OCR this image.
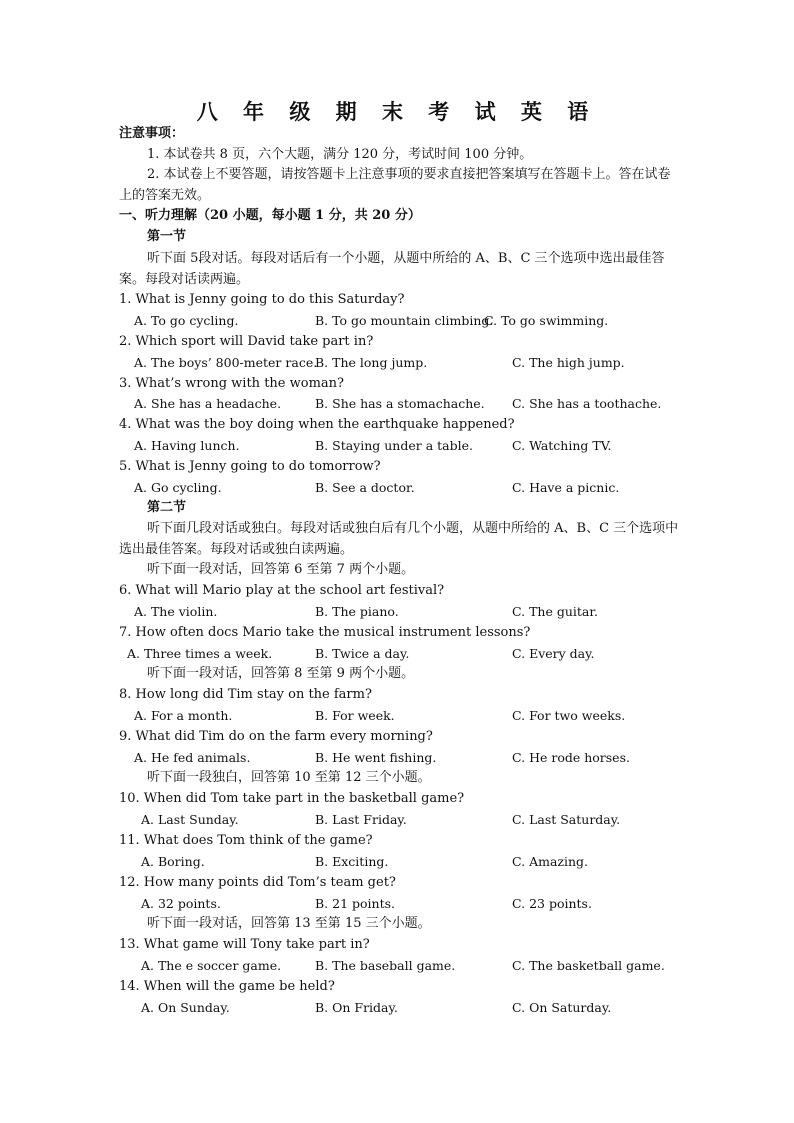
八 年 级 期 末 考 试 英 语
注意事项：
1. 本试卷共 8 页，六个大题，满分 120 分，考试时间 100 分钟。
2. 本试卷上不要答题，请按答题卡上注意事项的要求直接把答案填写在答题卡上。答在试卷上的答案无效。
一、听力理解（20 小题，每小题 1 分，共 20 分）
第一节
听下面 5段对话。每段对话后有一个小题，从题中所给的 A、B、C 三个选项中选出最佳答案。每段对话读两遍。
1. What is Jenny going to do this Saturday?
A. To go cycling.	B. To go mountain climbing.
C. To go swimming.
2. Which sport will David take part in?
A. The boys’ 800-meter race.
B. The long jump.	C. The high jump.
3. What’s wrong with the woman?
A. She has a headache.	B. She has a stomachache. C. She has a toothache.
4. What was the boy doing when the earthquake happened?
A. Having lunch.	B. Staying under a table.	C. Watching TV.
5. What is Jenny going to do tomorrow?
A. Go cycling.	B. See a doctor.	C. Have a picnic.
第二节
听下面几段对话或独白。每段对话或独白后有几个小题，从题中所给的 A、B、C 三个选项中选出最佳答案。每段对话或独白读两遍。
听下面一段对话，回答第 6 至第 7 两个小题。
6. What will Mario play at the school art festival?
A. The violin.	B. The piano.	C. The guitar.
7. How often docs Mario take the musical instrument lessons?
A. Three times a week.	B. Twice a day.	C. Every day.
听下面一段对话，回答第 8 至第 9 两个小题。
8. How long did Tim stay on the farm?
A. For a month.	B. For week.	C. For two weeks.
9. What did Tim do on the farm every morning?
A. He fed animals.	B. He went fishing.	C. He rode horses.
听下面一段独白，回答第 10 至第 12 三个小题。
10. When did Tom take part in the basketball game?
A. Last Sunday.	B. Last Friday.	C. Last Saturday.
11. What does Tom think of the game?
A. Boring.	B. Exciting.	C. Amazing.
12. How many points did Tom’s team get?
A. 32 points.	B. 21 points.	C. 23 points.
听下面一段对话，回答第 13 至第 15 三个小题。
13. What game will Tony take part in?
A. The e soccer game.	B. The baseball game.	C. The basketball game.
14. When will the game be held?
A. On Sunday.	B. On Friday.	C. On Saturday.
